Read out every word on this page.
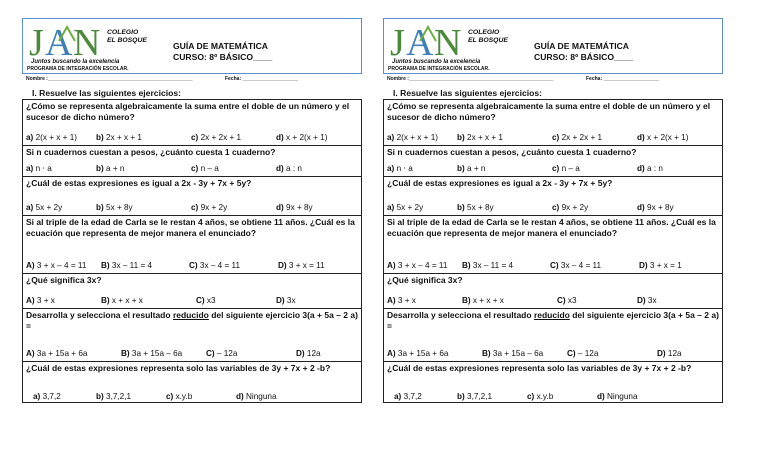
J A N COLEGIO
EL BOSQUE
GUÍA DE MATEMÁTICA
CURSO: 8º BÁSICO____
Juntos buscando la excelencia
PROGRAMA DE INTEGRACIÓN ESCOLAR.
Nombre :____________________________________________________	Fecha: ____________________
I. Resuelve las siguientes ejercicios:
¿Cómo se representa algebraicamente la suma entre el doble de un número y el sucesor de dicho número?
a) 2(x + x + 1) b) 2x + x + 1	c) 2x + 2x + 1	d) x + 2(x + 1)
Si n cuadernos cuestan a pesos, ¿cuánto cuesta 1 cuaderno?
a) n ⋅ a	b) a + n	c) n – a	d) a : n
¿Cuál de estas expresiones es igual a 2x - 3y + 7x + 5y?
a) 5x + 2y	b) 5x + 8y	c) 9x + 2y	d) 9x + 8y
Si al triple de la edad de Carla se le restan 4 años, se obtiene 11 años. ¿Cuál es la ecuación que representa de mejor manera el enunciado?
A) 3 + x – 4 = 11 B) 3x – 11 = 4	C) 3x – 4 = 11	D) 3 + x = 11
¿Qué significa 3x?
A) 3 + x	B) x + x + x	C) x3	D) 3x
Desarrolla y selecciona el resultado reducido del siguiente ejercicio 3(a + 5a – 2 a) =
A) 3a + 15a + 6a	B) 3a + 15a – 6a	C) – 12a	D) 12a
¿Cuál de estas expresiones representa solo las variables de 3y + 7x + 2 -b?
a) 3,7,2	b) 3,7,2,1	c) x.y.b	d) Ninguna
J A N COLEGIO
EL BOSQUE
GUÍA DE MATEMÁTICA
CURSO: 8º BÁSICO____
Juntos buscando la excelencia
PROGRAMA DE INTEGRACIÓN ESCOLAR.
Nombre :____________________________________________________	Fecha: ____________________
I. Resuelve las siguientes ejercicios:
¿Cómo se representa algebraicamente la suma entre el doble de un número y el sucesor de dicho número?
a) 2(x + x + 1) b) 2x + x + 1	c) 2x + 2x + 1	d) x + 2(x + 1)
Si n cuadernos cuestan a pesos, ¿cuánto cuesta 1 cuaderno?
a) n ⋅ a	b) a + n	c) n – a	d) a : n
¿Cuál de estas expresiones es igual a 2x - 3y + 7x + 5y?
a) 5x + 2y	b) 5x + 8y	c) 9x + 2y	d) 9x + 8y
Si al triple de la edad de Carla se le restan 4 años, se obtiene 11 años. ¿Cuál es la ecuación que representa de mejor manera el enunciado?
A) 3 + x – 4 = 11 B) 3x – 11 = 4	C) 3x – 4 = 11	D) 3 + x = 1
¿Qué significa 3x?
A) 3 + x	B) x + x + x	C) x3	D) 3x
Desarrolla y selecciona el resultado reducido del siguiente ejercicio 3(a + 5a – 2 a) =
A) 3a + 15a + 6a	B) 3a + 15a – 6a	C) – 12a	D) 12a
¿Cuál de estas expresiones representa solo las variables de 3y + 7x + 2 -b?
a) 3,7,2	b) 3,7,2,1	c) x.y.b	d) Ninguna
